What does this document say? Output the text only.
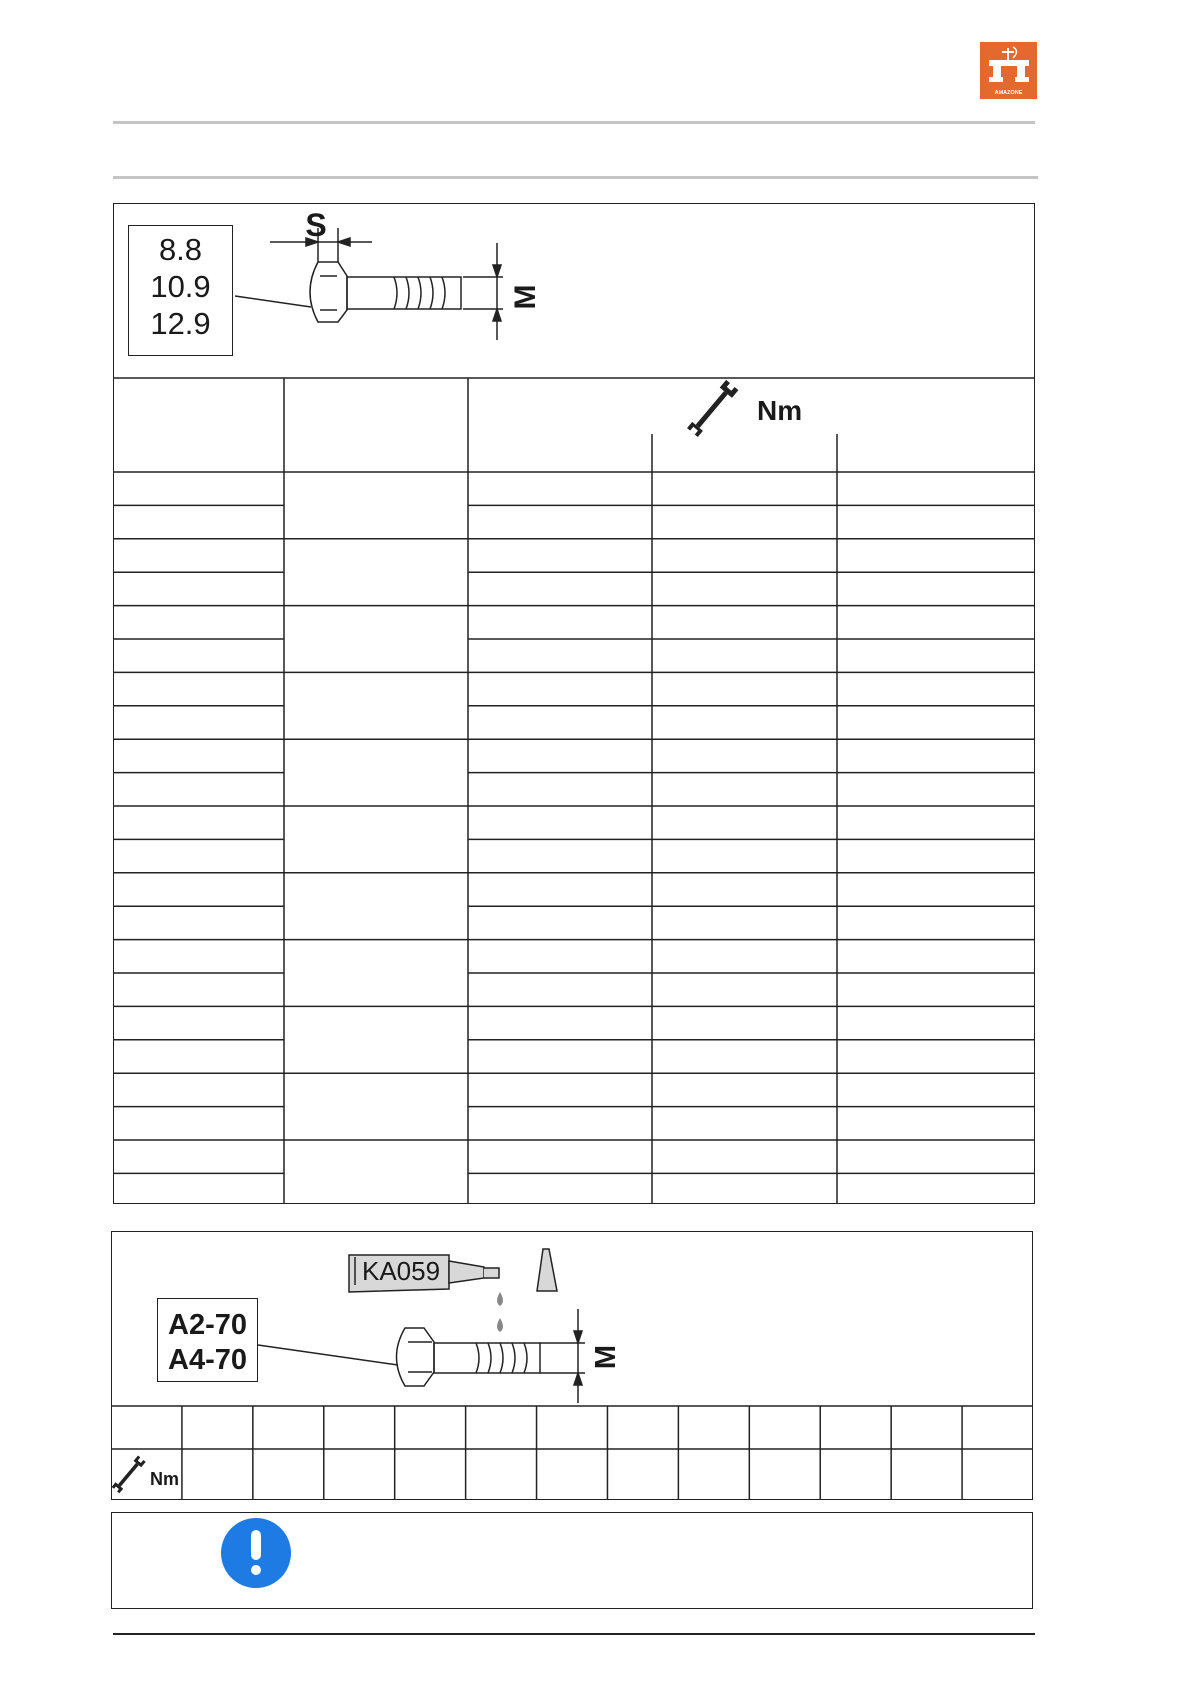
AMAZONE
S
M
Nm
8.8
10.9
12.9
M
Nm
KA059
A2-70
A4-70
